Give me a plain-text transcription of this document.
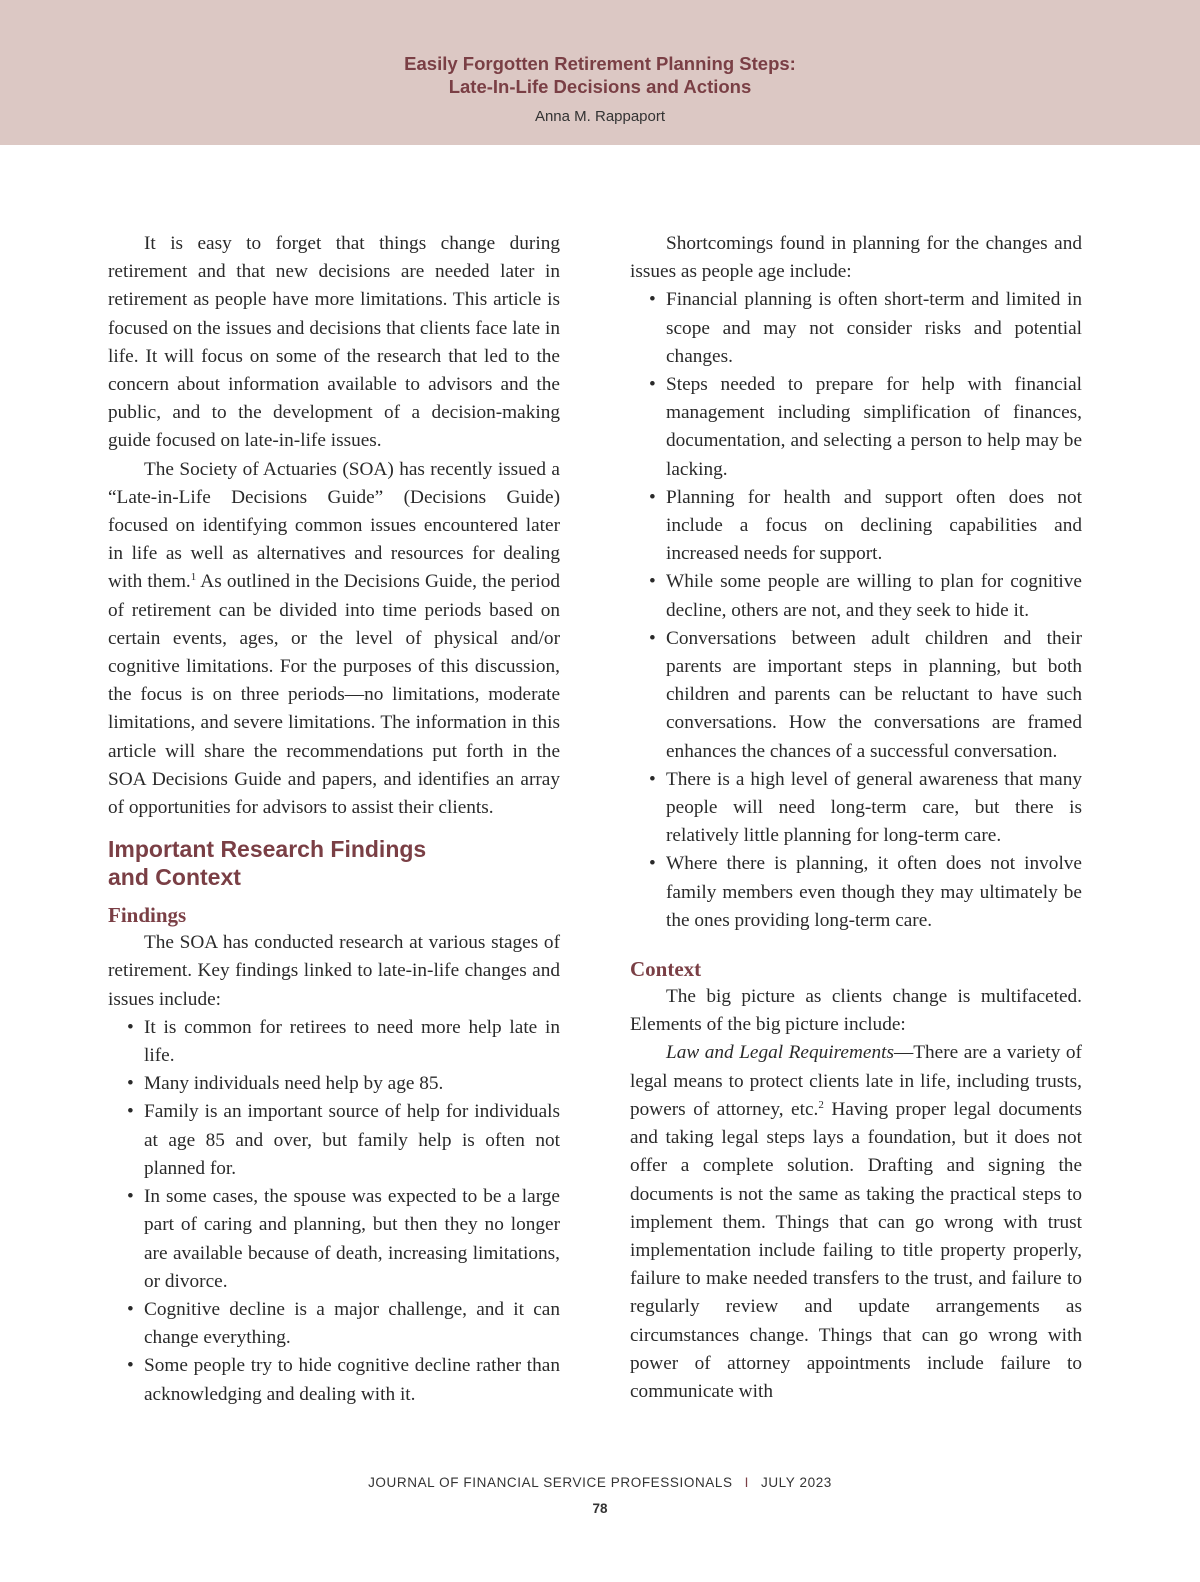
Easily Forgotten Retirement Planning Steps:
Late-In-Life Decisions and Actions
Anna M. Rappaport

It is easy to forget that things change during retirement and that new decisions are needed later in retirement as people have more limitations. This article is focused on the issues and decisions that clients face late in life. It will focus on some of the research that led to the concern about information available to advisors and the public, and to the development of a decision-making guide focused on late-in-life issues.

The Society of Actuaries (SOA) has recently issued a “Late-in-Life Decisions Guide” (Decisions Guide) focused on identifying common issues encountered later in life as well as alternatives and resources for dealing with them.$^1$ As outlined in the Decisions Guide, the period of retirement can be divided into time periods based on certain events, ages, or the level of physical and/or cognitive limitations. For the purposes of this discussion, the focus is on three periods—no limitations, moderate limitations, and severe limitations. The information in this article will share the recommendations put forth in the SOA Decisions Guide and papers, and identifies an array of opportunities for advisors to assist their clients.

Important Research Findings
and Context
Findings

The SOA has conducted research at various stages of retirement. Key findings linked to late-in-life changes and issues include:

• It is common for retirees to need more help late in life.
• Many individuals need help by age 85.
• Family is an important source of help for individuals at age 85 and over, but family help is often not planned for.
• In some cases, the spouse was expected to be a large part of caring and planning, but then they no longer are available because of death, increasing limitations, or divorce.
• Cognitive decline is a major challenge, and it can change everything.
• Some people try to hide cognitive decline rather than acknowledging and dealing with it.

Shortcomings found in planning for the changes and issues as people age include:

• Financial planning is often short-term and limited in scope and may not consider risks and potential changes.
• Steps needed to prepare for help with financial management including simplification of finances, documentation, and selecting a person to help may be lacking.
• Planning for health and support often does not include a focus on declining capabilities and increased needs for support.
• While some people are willing to plan for cognitive decline, others are not, and they seek to hide it.
• Conversations between adult children and their parents are important steps in planning, but both children and parents can be reluctant to have such conversations. How the conversations are framed enhances the chances of a successful conversation.
• There is a high level of general awareness that many people will need long-term care, but there is relatively little planning for long-term care.
• Where there is planning, it often does not involve family members even though they may ultimately be the ones providing long-term care.
Context

The big picture as clients change is multifaceted. Elements of the big picture include:

Law and Legal Requirements—There are a variety of legal means to protect clients late in life, including trusts, powers of attorney, etc.$^2$ Having proper legal documents and taking legal steps lays a foundation, but it does not offer a complete solution. Drafting and signing the documents is not the same as taking the practical steps to implement them. Things that can go wrong with trust implementation include failing to title property properly, failure to make needed transfers to the trust, and failure to regularly review and update arrangements as circumstances change. Things that can go wrong with power of attorney appointments include failure to communicate with

JOURNAL OF FINANCIAL SERVICE PROFESSIONALS I JULY 2023
78
